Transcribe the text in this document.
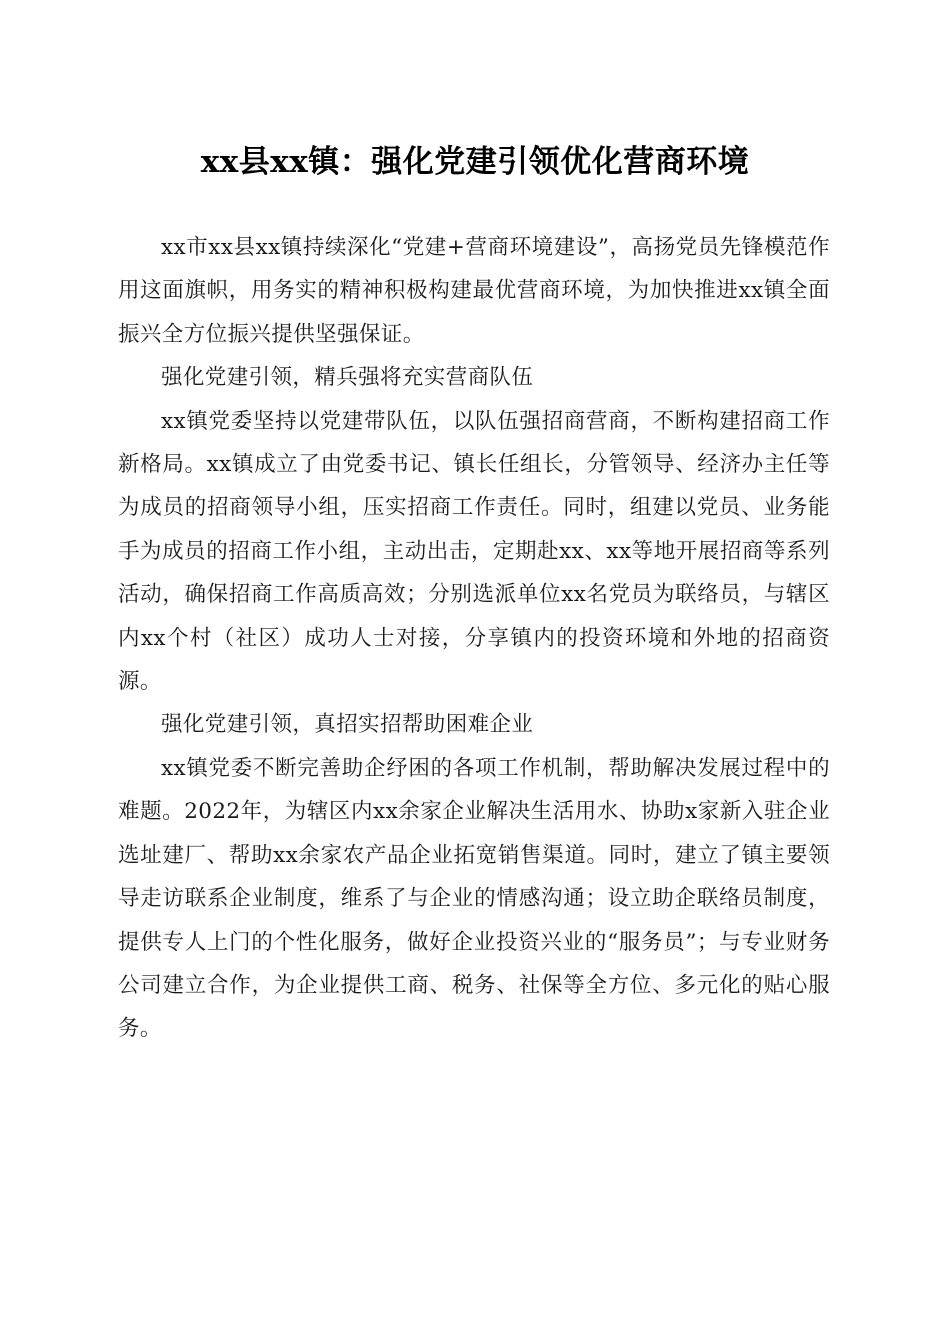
xx县xx镇：强化党建引领优化营商环境

xx市xx县xx镇持续深化“党建+营商环境建设”，高扬党员先锋模范作用这面旗帜，用务实的精神积极构建最优营商环境，为加快推进xx镇全面振兴全方位振兴提供坚强保证。

强化党建引领，精兵强将充实营商队伍

xx镇党委坚持以党建带队伍，以队伍强招商营商，不断构建招商工作新格局。xx镇成立了由党委书记、镇长任组长，分管领导、经济办主任等为成员的招商领导小组，压实招商工作责任。同时，组建以党员、业务能手为成员的招商工作小组，主动出击，定期赴xx、xx等地开展招商等系列活动，确保招商工作高质高效；分别选派单位xx名党员为联络员，与辖区内xx个村（社区）成功人士对接，分享镇内的投资环境和外地的招商资源。

强化党建引领，真招实招帮助困难企业

xx镇党委不断完善助企纾困的各项工作机制，帮助解决发展过程中的难题。2022年，为辖区内xx余家企业解决生活用水、协助x家新入驻企业选址建厂、帮助xx余家农产品企业拓宽销售渠道。同时，建立了镇主要领导走访联系企业制度，维系了与企业的情感沟通；设立助企联络员制度，提供专人上门的个性化服务，做好企业投资兴业的“服务员”；与专业财务公司建立合作，为企业提供工商、税务、社保等全方位、多元化的贴心服务。
